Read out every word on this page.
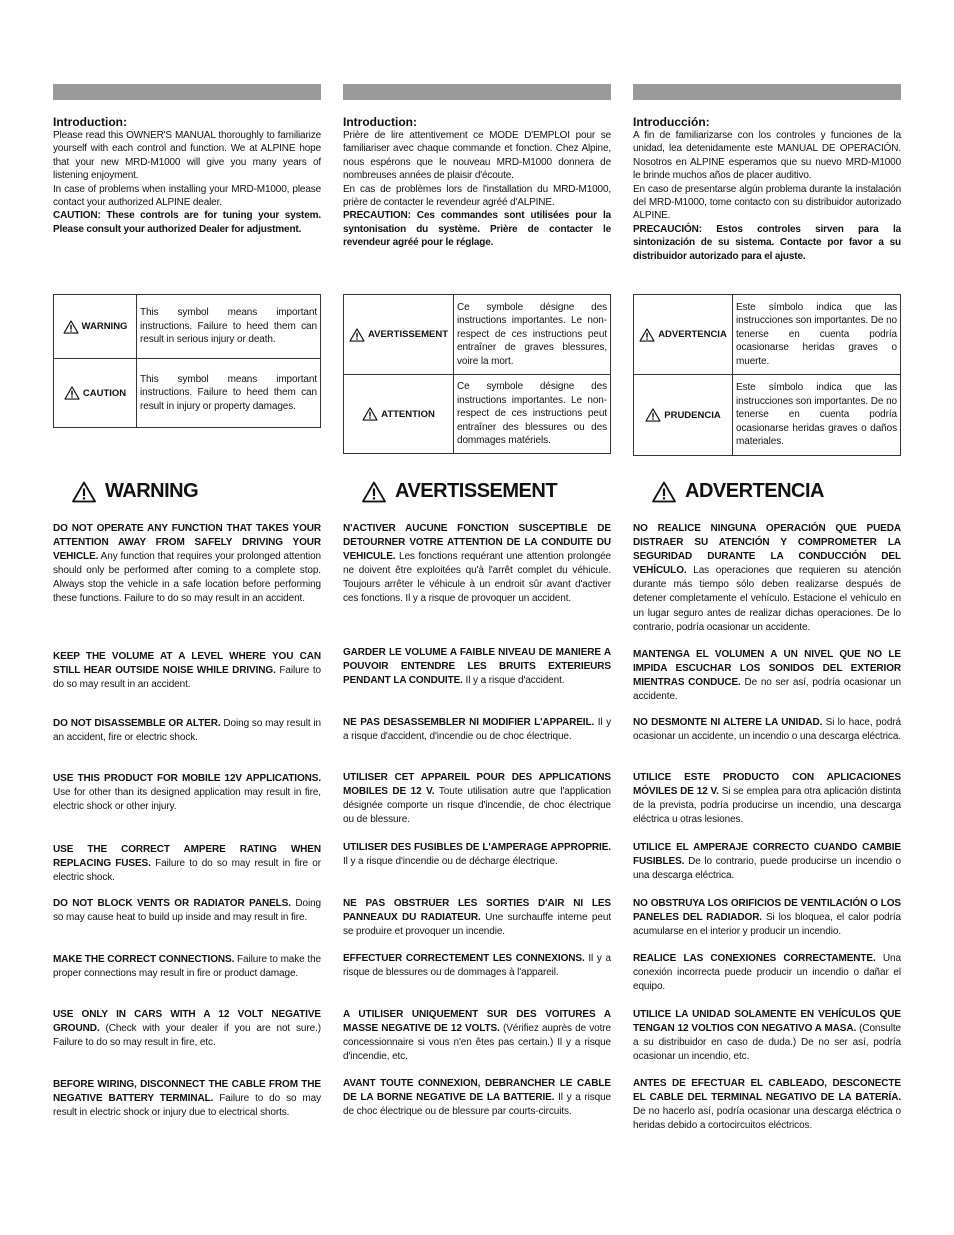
Introduction:

Please read this OWNER'S MANUAL thoroughly to familiarize yourself with each control and function. We at ALPINE hope that your new MRD-M1000 will give you many years of listening enjoyment.

In case of problems when installing your MRD-M1000, please contact your authorized ALPINE dealer.

CAUTION: These controls are for tuning your system. Please consult your authorized Dealer for adjustment.

WARNING	This symbol means important instructions. Failure to heed them can result in serious injury or death.

CAUTION	This symbol means important instructions. Failure to heed them can result in injury or property damages.
WARNING
DO NOT OPERATE ANY FUNCTION THAT TAKES YOUR ATTENTION AWAY FROM SAFELY DRIVING YOUR VEHICLE. Any function that requires your prolonged attention should only be performed after coming to a complete stop. Always stop the vehicle in a safe location before performing these functions. Failure to do so may result in an accident.
KEEP THE VOLUME AT A LEVEL WHERE YOU CAN STILL HEAR OUTSIDE NOISE WHILE DRIVING. Failure to do so may result in an accident.
DO NOT DISASSEMBLE OR ALTER. Doing so may result in an accident, fire or electric shock.
USE THIS PRODUCT FOR MOBILE 12V APPLICATIONS. Use for other than its designed application may result in fire, electric shock or other injury.
USE THE CORRECT AMPERE RATING WHEN REPLACING FUSES. Failure to do so may result in fire or electric shock.
DO NOT BLOCK VENTS OR RADIATOR PANELS. Doing so may cause heat to build up inside and may result in fire.
MAKE THE CORRECT CONNECTIONS. Failure to make the proper connections may result in fire or product damage.
USE ONLY IN CARS WITH A 12 VOLT NEGATIVE GROUND. (Check with your dealer if you are not sure.) Failure to do so may result in fire, etc.
BEFORE WIRING, DISCONNECT THE CABLE FROM THE NEGATIVE BATTERY TERMINAL. Failure to do so may result in electric shock or injury due to electrical shorts.
Introduction:

Prière de lire attentivement ce MODE D'EMPLOI pour se familiariser avec chaque commande et fonction. Chez Alpine, nous espérons que le nouveau MRD-M1000 donnera de nombreuses années de plaisir d'écoute.

En cas de problèmes lors de l'installation du MRD-M1000, prière de contacter le revendeur agréé d'ALPINE.

PRECAUTION: Ces commandes sont utilisées pour la syntonisation du système. Prière de contacter le revendeur agréé pour le réglage.

AVERTISSEMENT	Ce symbole désigne des instructions importantes. Le non-respect de ces instructions peut entraîner de graves blessures, voire la mort.

ATTENTION	Ce symbole désigne des instructions importantes. Le non-respect de ces instructions peut entraîner des blessures ou des dommages matériels.
AVERTISSEMENT
N'ACTIVER AUCUNE FONCTION SUSCEPTIBLE DE DETOURNER VOTRE ATTENTION DE LA CONDUITE DU VEHICULE. Les fonctions requérant une attention prolongée ne doivent être exploitées qu'à l'arrêt complet du véhicule. Toujours arrêter le véhicule à un endroit sûr avant d'activer ces fonctions. Il y a risque de provoquer un accident.
GARDER LE VOLUME A FAIBLE NIVEAU DE MANIERE A POUVOIR ENTENDRE LES BRUITS EXTERIEURS PENDANT LA CONDUITE. Il y a risque d'accident.
NE PAS DESASSEMBLER NI MODIFIER L'APPAREIL. Il y a risque d'accident, d'incendie ou de choc électrique.
UTILISER CET APPAREIL POUR DES APPLICATIONS MOBILES DE 12 V. Toute utilisation autre que l'application désignée comporte un risque d'incendie, de choc électrique ou de blessure.
UTILISER DES FUSIBLES DE L'AMPERAGE APPROPRIE. Il y a risque d'incendie ou de décharge électrique.
NE PAS OBSTRUER LES SORTIES D'AIR NI LES PANNEAUX DU RADIATEUR. Une surchauffe interne peut se produire et provoquer un incendie.
EFFECTUER CORRECTEMENT LES CONNEXIONS. Il y a risque de blessures ou de dommages à l'appareil.
A UTILISER UNIQUEMENT SUR DES VOITURES A MASSE NEGATIVE DE 12 VOLTS. (Vérifiez auprès de votre concessionnaire si vous n'en êtes pas certain.) Il y a risque d'incendie, etc.
AVANT TOUTE CONNEXION, DEBRANCHER LE CABLE DE LA BORNE NEGATIVE DE LA BATTERIE. Il y a risque de choc électrique ou de blessure par courts-circuits.
Introducción:

A fin de familiarizarse con los controles y funciones de la unidad, lea detenidamente este MANUAL DE OPERACIÓN. Nosotros en ALPINE esperamos que su nuevo MRD-M1000 le brinde muchos años de placer auditivo.

En caso de presentarse algún problema durante la instalación del MRD-M1000, tome contacto con su distribuidor autorizado ALPINE.

PRECAUCIÓN: Estos controles sirven para la sintonización de su sistema. Contacte por favor a su distribuidor autorizado para el ajuste.

ADVERTENCIA	Este símbolo indica que las instrucciones son importantes. De no tenerse en cuenta podría ocasionarse heridas graves o muerte.

PRUDENCIA	Este símbolo indica que las instrucciones son importantes. De no tenerse en cuenta podría ocasionarse heridas graves o daños materiales.
ADVERTENCIA
NO REALICE NINGUNA OPERACIÓN QUE PUEDA DISTRAER SU ATENCIÓN Y COMPROMETER LA SEGURIDAD DURANTE LA CONDUCCIÓN DEL VEHÍCULO. Las operaciones que requieren su atención durante más tiempo sólo deben realizarse después de detener completamente el vehículo. Estacione el vehículo en un lugar seguro antes de realizar dichas operaciones. De lo contrario, podría ocasionar un accidente.
MANTENGA EL VOLUMEN A UN NIVEL QUE NO LE IMPIDA ESCUCHAR LOS SONIDOS DEL EXTERIOR MIENTRAS CONDUCE. De no ser así, podría ocasionar un accidente.
NO DESMONTE NI ALTERE LA UNIDAD. Si lo hace, podrá ocasionar un accidente, un incendio o una descarga eléctrica.
UTILICE ESTE PRODUCTO CON APLICACIONES MÓVILES DE 12 V. Si se emplea para otra aplicación distinta de la prevista, podría producirse un incendio, una descarga eléctrica u otras lesiones.
UTILICE EL AMPERAJE CORRECTO CUANDO CAMBIE FUSIBLES. De lo contrario, puede producirse un incendio o una descarga eléctrica.
NO OBSTRUYA LOS ORIFICIOS DE VENTILACIÓN O LOS PANELES DEL RADIADOR. Si los bloquea, el calor podría acumularse en el interior y producir un incendio.
REALICE LAS CONEXIONES CORRECTAMENTE. Una conexión incorrecta puede producir un incendio o dañar el equipo.
UTILICE LA UNIDAD SOLAMENTE EN VEHÍCULOS QUE TENGAN 12 VOLTIOS CON NEGATIVO A MASA. (Consulte a su distribuidor en caso de duda.) De no ser así, podría ocasionar un incendio, etc.
ANTES DE EFECTUAR EL CABLEADO, DESCONECTE EL CABLE DEL TERMINAL NEGATIVO DE LA BATERÍA. De no hacerlo así, podría ocasionar una descarga eléctrica o heridas debido a cortocircuitos eléctricos.
